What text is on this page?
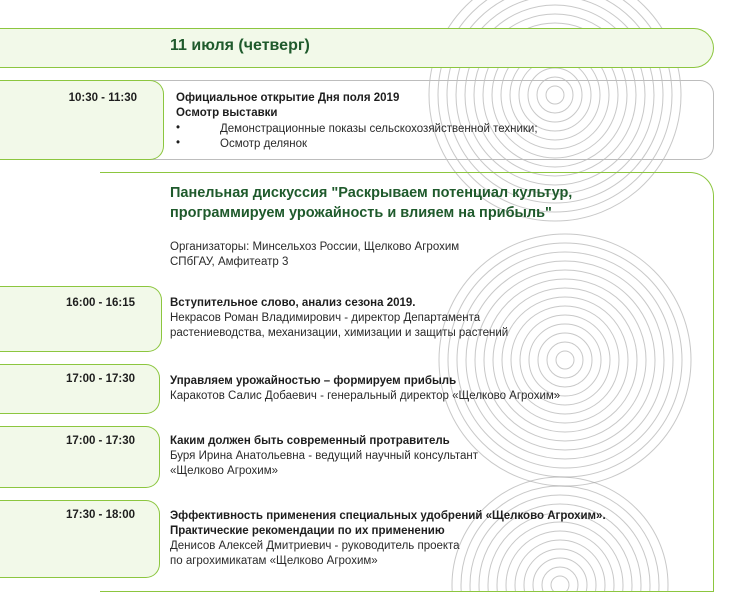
11 июля (четверг)
10:30 - 11:30	Официальное открытие Дня поля 2019
Осмотр выставки
•	Демонстрационные показы сельскохозяйственной техники;
•	Осмотр делянок
Панельная дискуссия "Раскрываем потенциал культур,
программируем урожайность и влияем на прибыль"
Организаторы: Минсельхоз России, Щелково Агрохим
СПбГАУ, Амфитеатр 3
16:00 - 16:15	Вступительное слово, анализ сезона 2019.
Некрасов Роман Владимирович - директор Департамента
растениеводства, механизации, химизации и защиты растений
17:00 - 17:30	Управляем урожайностью – формируем прибыль
Каракотов Салис Добаевич - генеральный директор «Щелково Агрохим»
17:00 - 17:30	Каким должен быть современный протравитель
Буря Ирина Анатольевна - ведущий научный консультант
«Щелково Агрохим»
17:30 - 18:00	Эффективность применения специальных удобрений «Щелково Агрохим».
Практические рекомендации по их применению
Денисов Алексей Дмитриевич - руководитель проекта
по агрохимикатам «Щелково Агрохим»
